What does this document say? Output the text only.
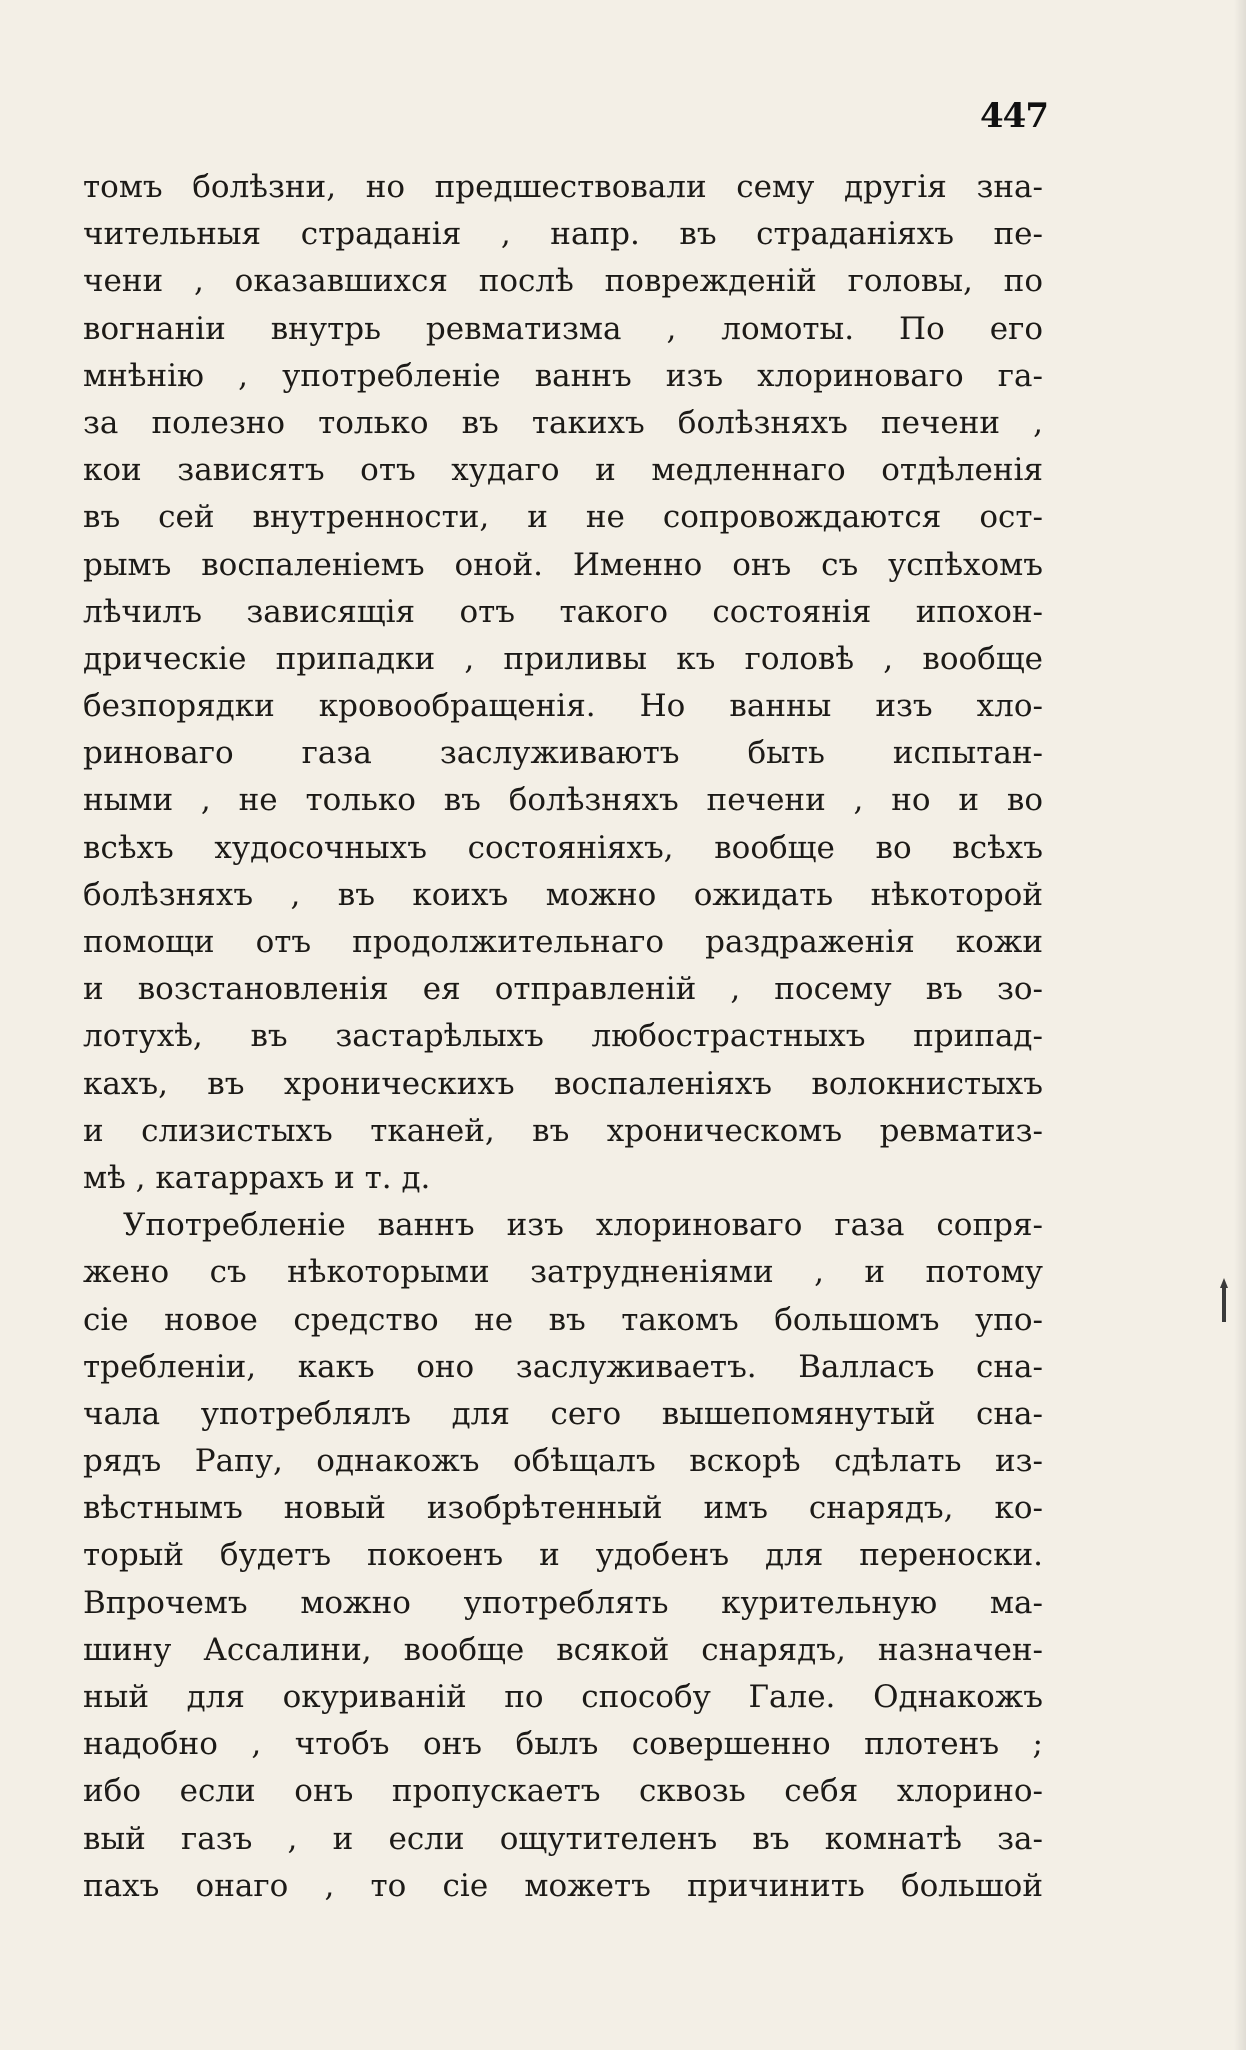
447
томъ болѣзни, но предшествовали сему другія зна-
чительныя страданія , напр. въ страданіяхъ пе-
чени , оказавшихся послѣ поврежденій головы, по
вогнаніи внутрь ревматизма , ломоты. По его
мнѣнію , употребленіе ваннъ изъ хлориноваго га-
за полезно только въ такихъ болѣзняхъ печени ,
кои зависятъ отъ худаго и медленнаго отдѣленія
въ сей внутренности, и не сопровождаются ост-
рымъ воспаленіемъ оной. Именно онъ съ успѣхомъ
лѣчилъ зависящія отъ такого состоянія ипохон-
дрическіе припадки , приливы къ головѣ , вообще
безпорядки кровообращенія. Но ванны изъ хло-
риноваго газа заслуживаютъ быть испытан-
ными , не только въ болѣзняхъ печени , но и во
всѣхъ худосочныхъ состояніяхъ, вообще во всѣхъ
болѣзняхъ , въ коихъ можно ожидать нѣкоторой
помощи отъ продолжительнаго раздраженія кожи
и возстановленія ея отправленій , посему въ зо-
лотухѣ, въ застарѣлыхъ любострастныхъ припад-
кахъ, въ хроническихъ воспаленіяхъ волокнистыхъ
и слизистыхъ тканей, въ хроническомъ ревматиз-
мѣ , катаррахъ и т. д.
Употребленіе ваннъ изъ хлориноваго газа сопря-
жено съ нѣкоторыми затрудненіями , и потому
сіе новое средство не въ такомъ большомъ упо-
требленіи, какъ оно заслуживаетъ. Валласъ сна-
чала употреблялъ для сего вышепомянутый сна-
рядъ Рапу, однакожъ обѣщалъ вскорѣ сдѣлать из-
вѣстнымъ новый изобрѣтенный имъ снарядъ, ко-
торый будетъ покоенъ и удобенъ для переноски.
Впрочемъ можно употреблять курительную ма-
шину Ассалини, вообще всякой снарядъ, назначен-
ный для окуриваній по способу Гале. Однакожъ
надобно , чтобъ онъ былъ совершенно плотенъ ;
ибо если онъ пропускаетъ сквозь себя хлорино-
вый газъ , и если ощутителенъ въ комнатѣ за-
пахъ онаго , то сіе можетъ причинить большой
